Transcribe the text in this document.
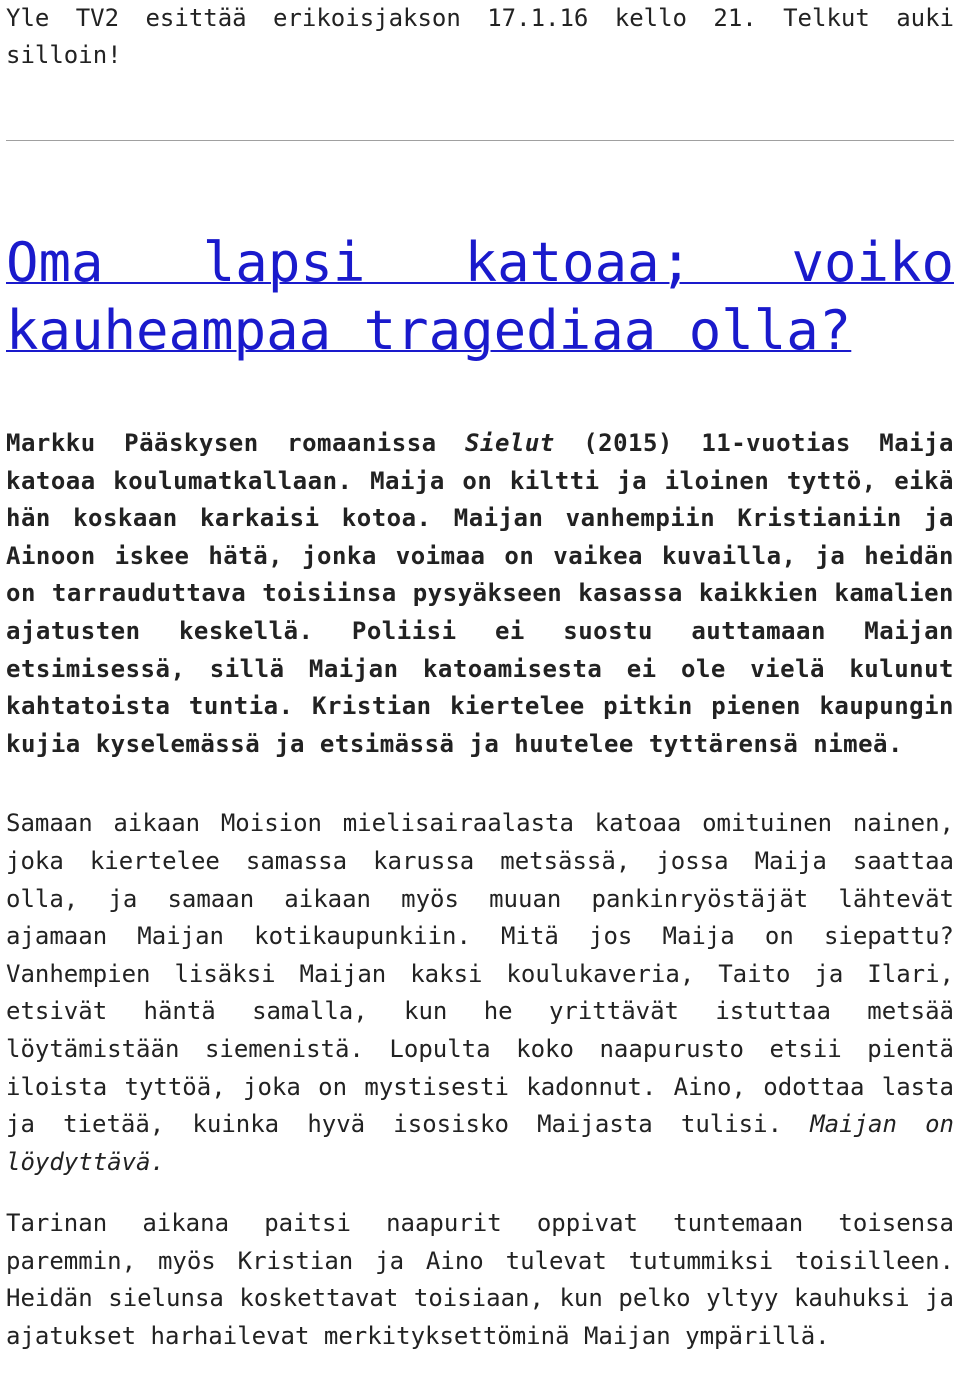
Yle TV2 esittää erikoisjakson 17.1.16 kello 21. Telkut auki silloin!

Oma lapsi katoaa; voiko kauheampaa tragediaa olla?

Markku Pääskysen romaanissa Sielut (2015) 11-vuotias Maija katoaa koulumatkallaan. Maija on kiltti ja iloinen tyttö, eikä hän koskaan karkaisi kotoa. Maijan vanhempiin Kristianiin ja Ainoon iskee hätä, jonka voimaa on vaikea kuvailla, ja heidän on tarrauduttava toisiinsa pysyäkseen kasassa kaikkien kamalien ajatusten keskellä. Poliisi ei suostu auttamaan Maijan etsimisessä, sillä Maijan katoamisesta ei ole vielä kulunut kahtatoista tuntia. Kristian kiertelee pitkin pienen kaupungin kujia kyselemässä ja etsimässä ja huutelee tyttärensä nimeä.

Samaan aikaan Moision mielisairaalasta katoaa omituinen nainen, joka kiertelee samassa karussa metsässä, jossa Maija saattaa olla, ja samaan aikaan myös muuan pankinryöstäjät lähtevät ajamaan Maijan kotikaupunkiin. Mitä jos Maija on siepattu? Vanhempien lisäksi Maijan kaksi koulukaveria, Taito ja Ilari, etsivät häntä samalla, kun he yrittävät istuttaa metsää löytämistään siemenistä. Lopulta koko naapurusto etsii pientä iloista tyttöä, joka on mystisesti kadonnut. Aino, odottaa lasta ja tietää, kuinka hyvä isosisko Maijasta tulisi. Maijan on löydyttävä.

Tarinan aikana paitsi naapurit oppivat tuntemaan toisensa paremmin, myös Kristian ja Aino tulevat tutummiksi toisilleen. Heidän sielunsa koskettavat toisiaan, kun pelko yltyy kauhuksi ja ajatukset harhailevat merkityksettöminä Maijan ympärillä.
